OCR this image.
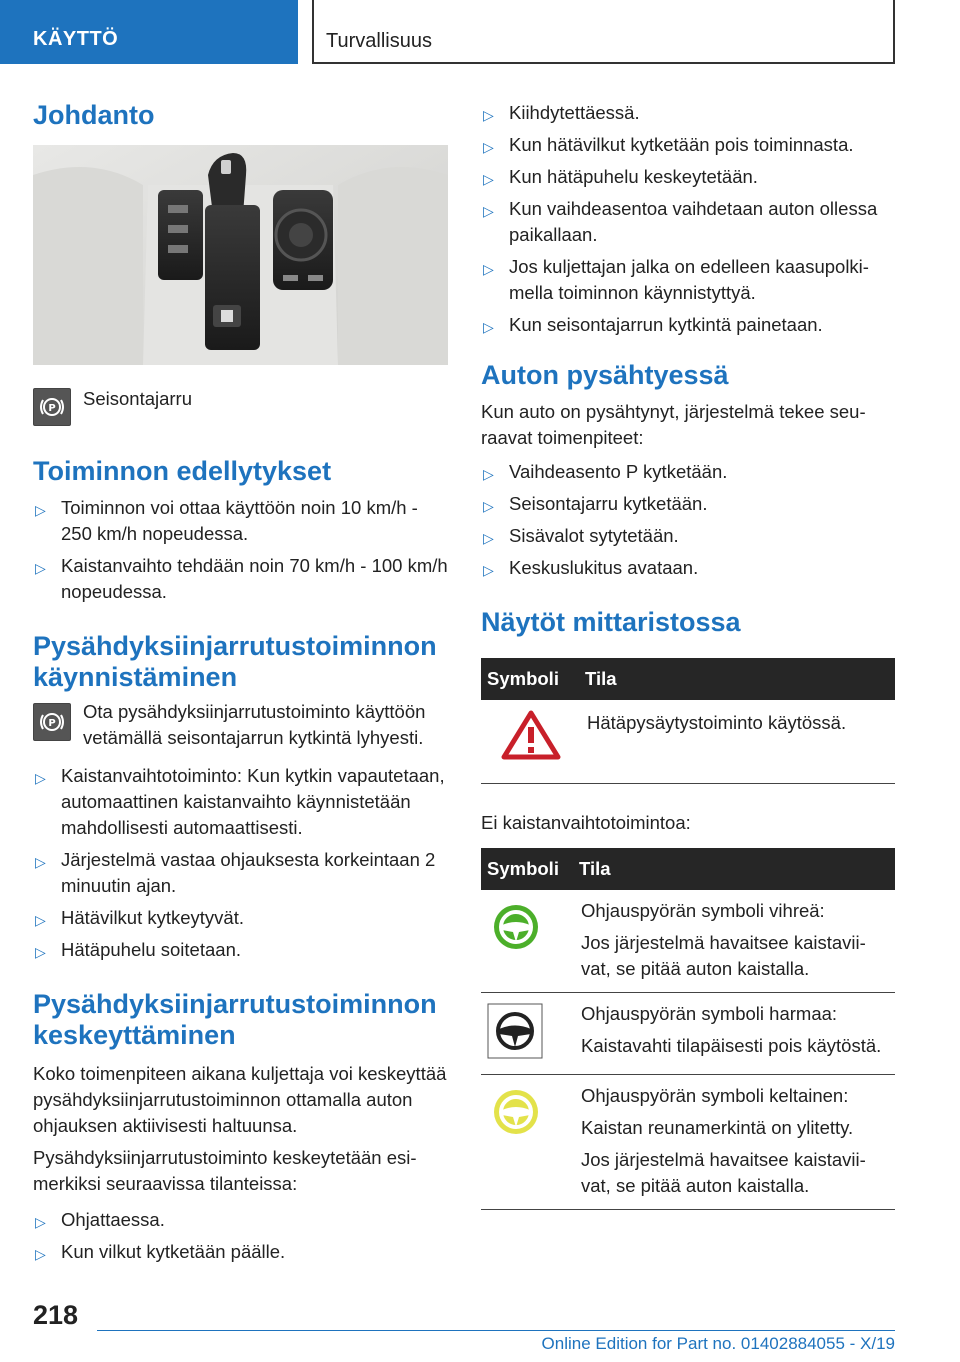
KÄYTTÖ	Turvallisuus
Johdanto
P Seisontajarru

Toiminnon edellytykset
▷ Toiminnon voi ottaa käyttöön noin 10 km/h - 250 km/h nopeudessa.
▷ Kaistanvaihto tehdään noin 70 km/h - 100 km/h nopeudessa.
Pysähdyksiinjarrutustoiminnon käynnistäminen
P

Ota pysähdyksiinjarrutustoiminto käyttöön vetämällä seisontajarrun kytkintä lyhyesti.

▷ Kaistanvaihtotoiminto: Kun kytkin vapautetaan, automaattinen kaistanvaihto käynnistetään mahdollisesti automaattisesti.
▷ Järjestelmä vastaa ohjauksesta korkeintaan 2 minuutin ajan.
▷ Hätävilkut kytkeytyvät.
▷ Hätäpuhelu soitetaan.
Pysähdyksiinjarrutustoiminnon keskeyttäminen

Koko toimenpiteen aikana kuljettaja voi keskeyttää pysähdyksiinjarrutustoiminnon ottamalla auton ohjauksen aktiivisesti haltuunsa.

Pysähdyksiinjarrutustoiminto keskeytetään esimerkiksi seuraavissa tilanteissa:

▷ Ohjattaessa.
▷ Kun vilkut kytketään päälle.
▷ Kiihdytettäessä.
▷ Kun hätävilkut kytketään pois toiminnasta.
▷ Kun hätäpuhelu keskeytetään.
▷ Kun vaihdeasentoa vaihdetaan auton ollessa paikallaan.
▷ Jos kuljettajan jalka on edelleen kaasupolkimella toiminnon käynnistyttyä.
▷ Kun seisontajarrun kytkintä painetaan.
Auton pysähtyessä

Kun auto on pysähtynyt, järjestelmä tekee seuraavat toimenpiteet:

▷ Vaihdeasento P kytketään.
▷ Seisontajarru kytketään.
▷ Sisävalot sytytetään.
▷ Keskuslukitus avataan.
Näytöt mittaristossa
Symboli	Tila
	Hätäpysäytystoiminto käytössä.

Ei kaistanvaihtotoimintoa:

Symboli	Tila

Ohjauspyörän symboli vihreä:
Jos järjestelmä havaitsee kaistaviivat, se pitää auton kaistalla.

Ohjauspyörän symboli harmaa:
Kaistavahti tilapäisesti pois käytöstä.

Ohjauspyörän symboli keltainen:
Kaistan reunamerkintä on ylitetty.
Jos järjestelmä havaitsee kaistaviivat, se pitää auton kaistalla.
218
Online Edition for Part no. 01402884055 - X/19
